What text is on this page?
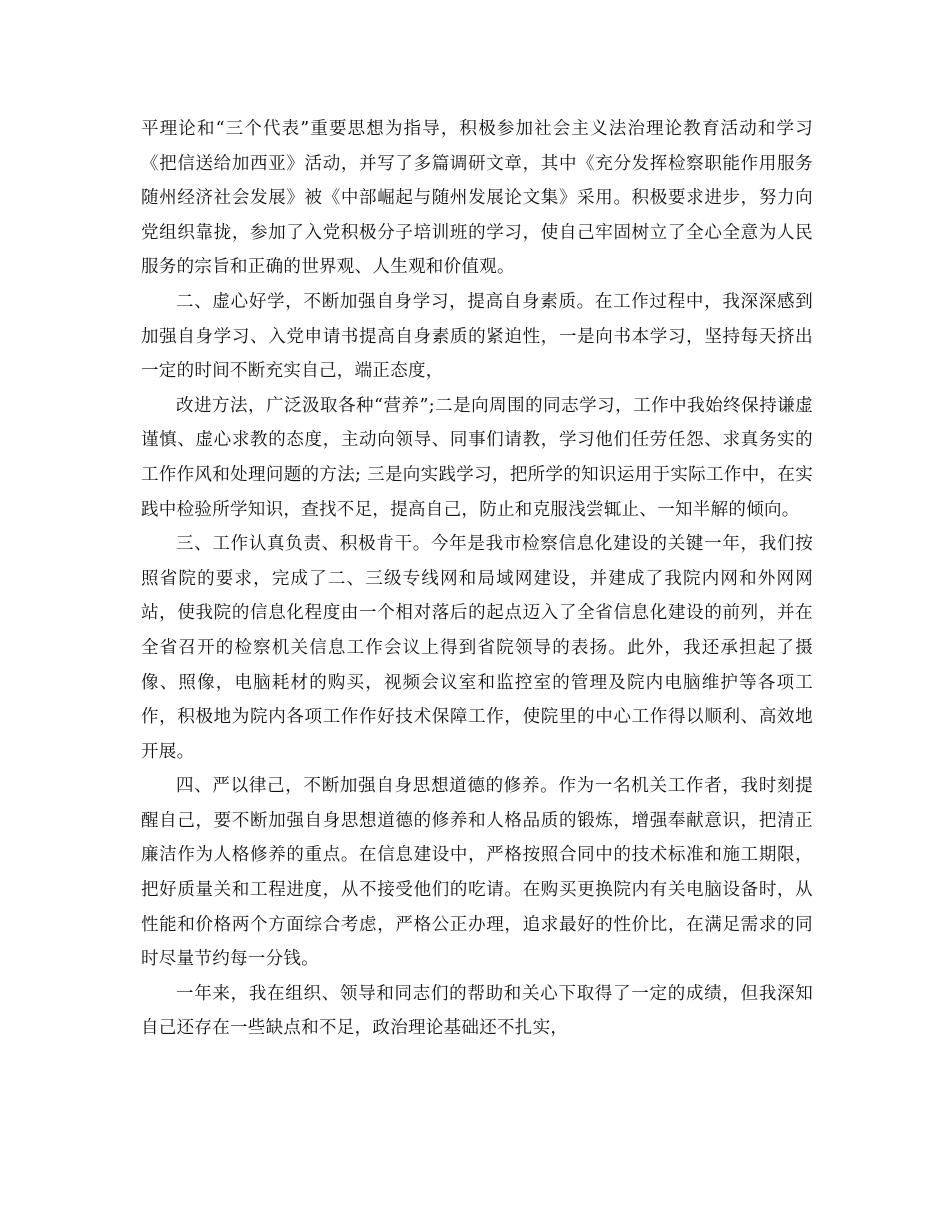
平理论和“三个代表”重要思想为指导，积极参加社会主义法治理论教育活动和学习《把信送给加西亚》活动，并写了多篇调研文章，其中《充分发挥检察职能作用服务随州经济社会发展》被《中部崛起与随州发展论文集》采用。积极要求进步，努力向党组织靠拢，参加了入党积极分子培训班的学习，使自己牢固树立了全心全意为人民服务的宗旨和正确的世界观、人生观和价值观。

二、虚心好学，不断加强自身学习，提高自身素质。在工作过程中，我深深感到加强自身学习、入党申请书提高自身素质的紧迫性，一是向书本学习，坚持每天挤出一定的时间不断充实自己，端正态度，

改进方法，广泛汲取各种“营养”;二是向周围的同志学习，工作中我始终保持谦虚谨慎、虚心求教的态度，主动向领导、同事们请教，学习他们任劳任怨、求真务实的工作作风和处理问题的方法; 三是向实践学习，把所学的知识运用于实际工作中，在实践中检验所学知识，查找不足，提高自己，防止和克服浅尝辄止、一知半解的倾向。

三、工作认真负责、积极肯干。今年是我市检察信息化建设的关键一年，我们按照省院的要求，完成了二、三级专线网和局域网建设，并建成了我院内网和外网网站，使我院的信息化程度由一个相对落后的起点迈入了全省信息化建设的前列，并在全省召开的检察机关信息工作会议上得到省院领导的表扬。此外，我还承担起了摄像、照像，电脑耗材的购买，视频会议室和监控室的管理及院内电脑维护等各项工作，积极地为院内各项工作作好技术保障工作，使院里的中心工作得以顺利、高效地开展。

四、严以律己，不断加强自身思想道德的修养。作为一名机关工作者，我时刻提醒自己，要不断加强自身思想道德的修养和人格品质的锻炼，增强奉献意识，把清正廉洁作为人格修养的重点。在信息建设中，严格按照合同中的技术标准和施工期限，把好质量关和工程进度，从不接受他们的吃请。在购买更换院内有关电脑设备时，从性能和价格两个方面综合考虑，严格公正办理，追求最好的性价比，在满足需求的同时尽量节约每一分钱。

一年来，我在组织、领导和同志们的帮助和关心下取得了一定的成绩，但我深知自己还存在一些缺点和不足，政治理论基础还不扎实，
